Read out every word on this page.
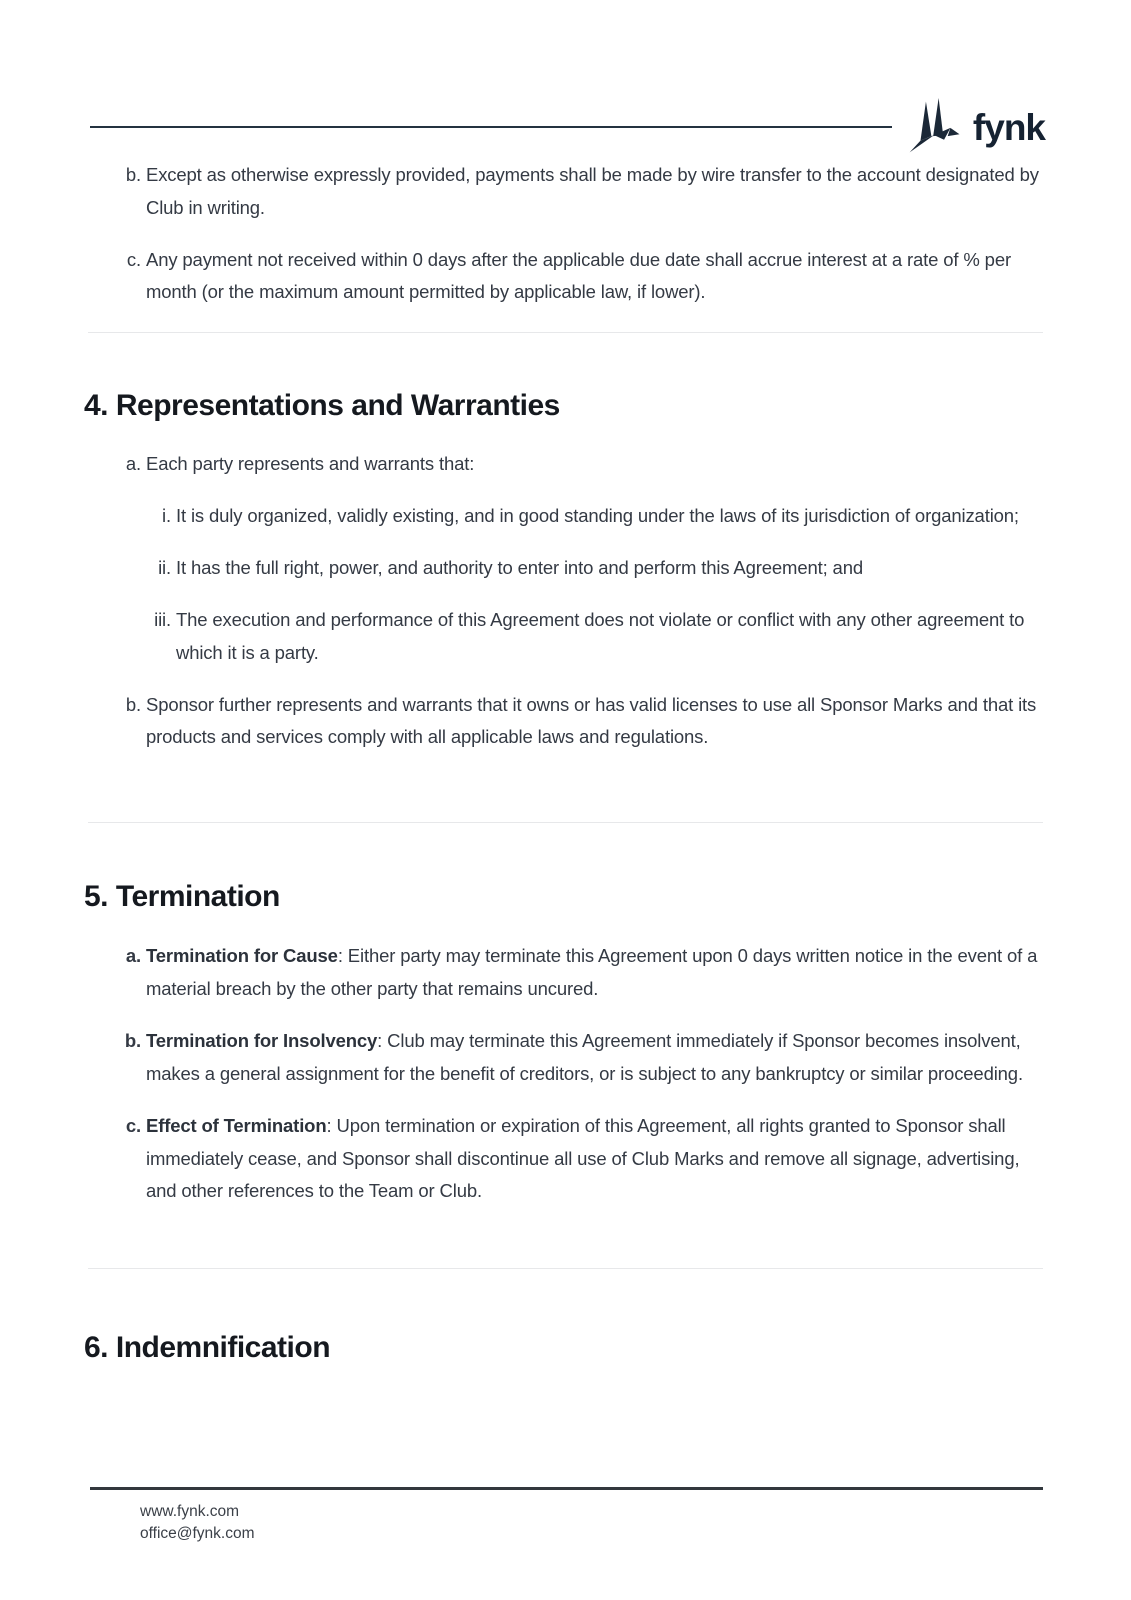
fynk
b. Except as otherwise expressly provided, payments shall be made by wire transfer to the account designated by Club in writing.
c. Any payment not received within 0 days after the applicable due date shall accrue interest at a rate of % per month (or the maximum amount permitted by applicable law, if lower).
4. Representations and Warranties
a. Each party represents and warrants that:
i. It is duly organized, validly existing, and in good standing under the laws of its jurisdiction of organization;
ii. It has the full right, power, and authority to enter into and perform this Agreement; and
iii. The execution and performance of this Agreement does not violate or conflict with any other agreement to which it is a party.
b. Sponsor further represents and warrants that it owns or has valid licenses to use all Sponsor Marks and that its products and services comply with all applicable laws and regulations.
5. Termination
a. Termination for Cause: Either party may terminate this Agreement upon 0 days written notice in the event of a material breach by the other party that remains uncured.
b. Termination for Insolvency: Club may terminate this Agreement immediately if Sponsor becomes insolvent, makes a general assignment for the benefit of creditors, or is subject to any bankruptcy or similar proceeding.
c. Effect of Termination: Upon termination or expiration of this Agreement, all rights granted to Sponsor shall immediately cease, and Sponsor shall discontinue all use of Club Marks and remove all signage, advertising, and other references to the Team or Club.
6. Indemnification
www.fynk.com
office@fynk.com
